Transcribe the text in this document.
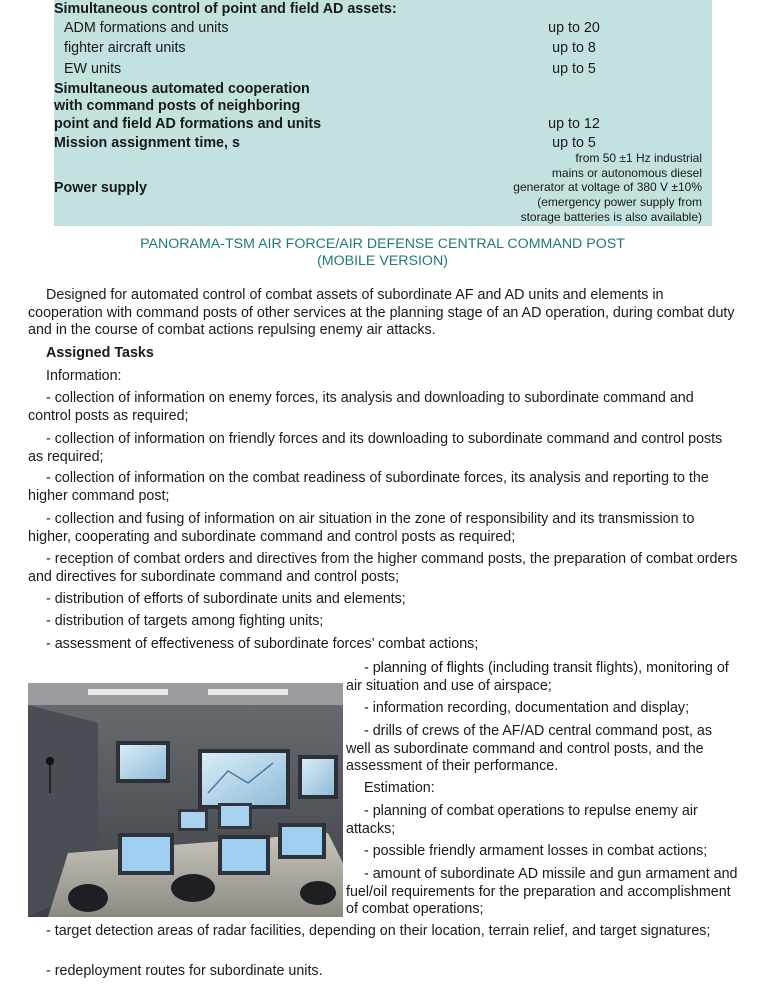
Simultaneous control of point and field AD assets:
ADM formations and units	up to 20
fighter aircraft units	up to 8
EW units	up to 5
Simultaneous automated cooperation
with command posts of neighboring
point and field AD formations and units	up to 12
Mission assignment time, s	up to 5
Power supply
from 50 ±1 Hz industrial
mains or autonomous diesel
generator at voltage of 380 V ±10%
(emergency power supply from
storage batteries is also available)
PANORAMA-TSM AIR FORCE/AIR DEFENSE CENTRAL COMMAND POST
(MOBILE VERSION)
Designed for automated control of combat assets of subordinate AF and AD units and elements in cooperation with command posts of other services at the planning stage of an AD operation, during combat duty and in the course of combat actions repulsing enemy air attacks.
Assigned Tasks
Information:
- collection of information on enemy forces, its analysis and downloading to subordinate command and control posts as required;
- collection of information on friendly forces and its downloading to subordinate command and control posts as required;
- collection of information on the combat readiness of subordinate forces, its analysis and reporting to the higher command post;
- collection and fusing of information on air situation in the zone of responsibility and its transmission to higher, cooperating and subordinate command and control posts as required;
- reception of combat orders and directives from the higher command posts, the preparation of combat orders and directives for subordinate command and control posts;
- distribution of efforts of subordinate units and elements;
- distribution of targets among fighting units;
- assessment of effectiveness of subordinate forces’ combat actions;
- planning of flights (including transit flights), monitoring of air situation and use of airspace;
- information recording, documentation and display;
- drills of crews of the AF/AD central command post, as well as subordinate command and control posts, and the assessment of their performance.
Estimation:
- planning of combat operations to repulse enemy air attacks;
- possible friendly armament losses in combat actions;
- amount of subordinate AD missile and gun armament and fuel/oil requirements for the preparation and accomplishment of combat operations;
- target detection areas of radar facilities, depending on their location, terrain relief, and target signatures;
- redeployment routes for subordinate units.
